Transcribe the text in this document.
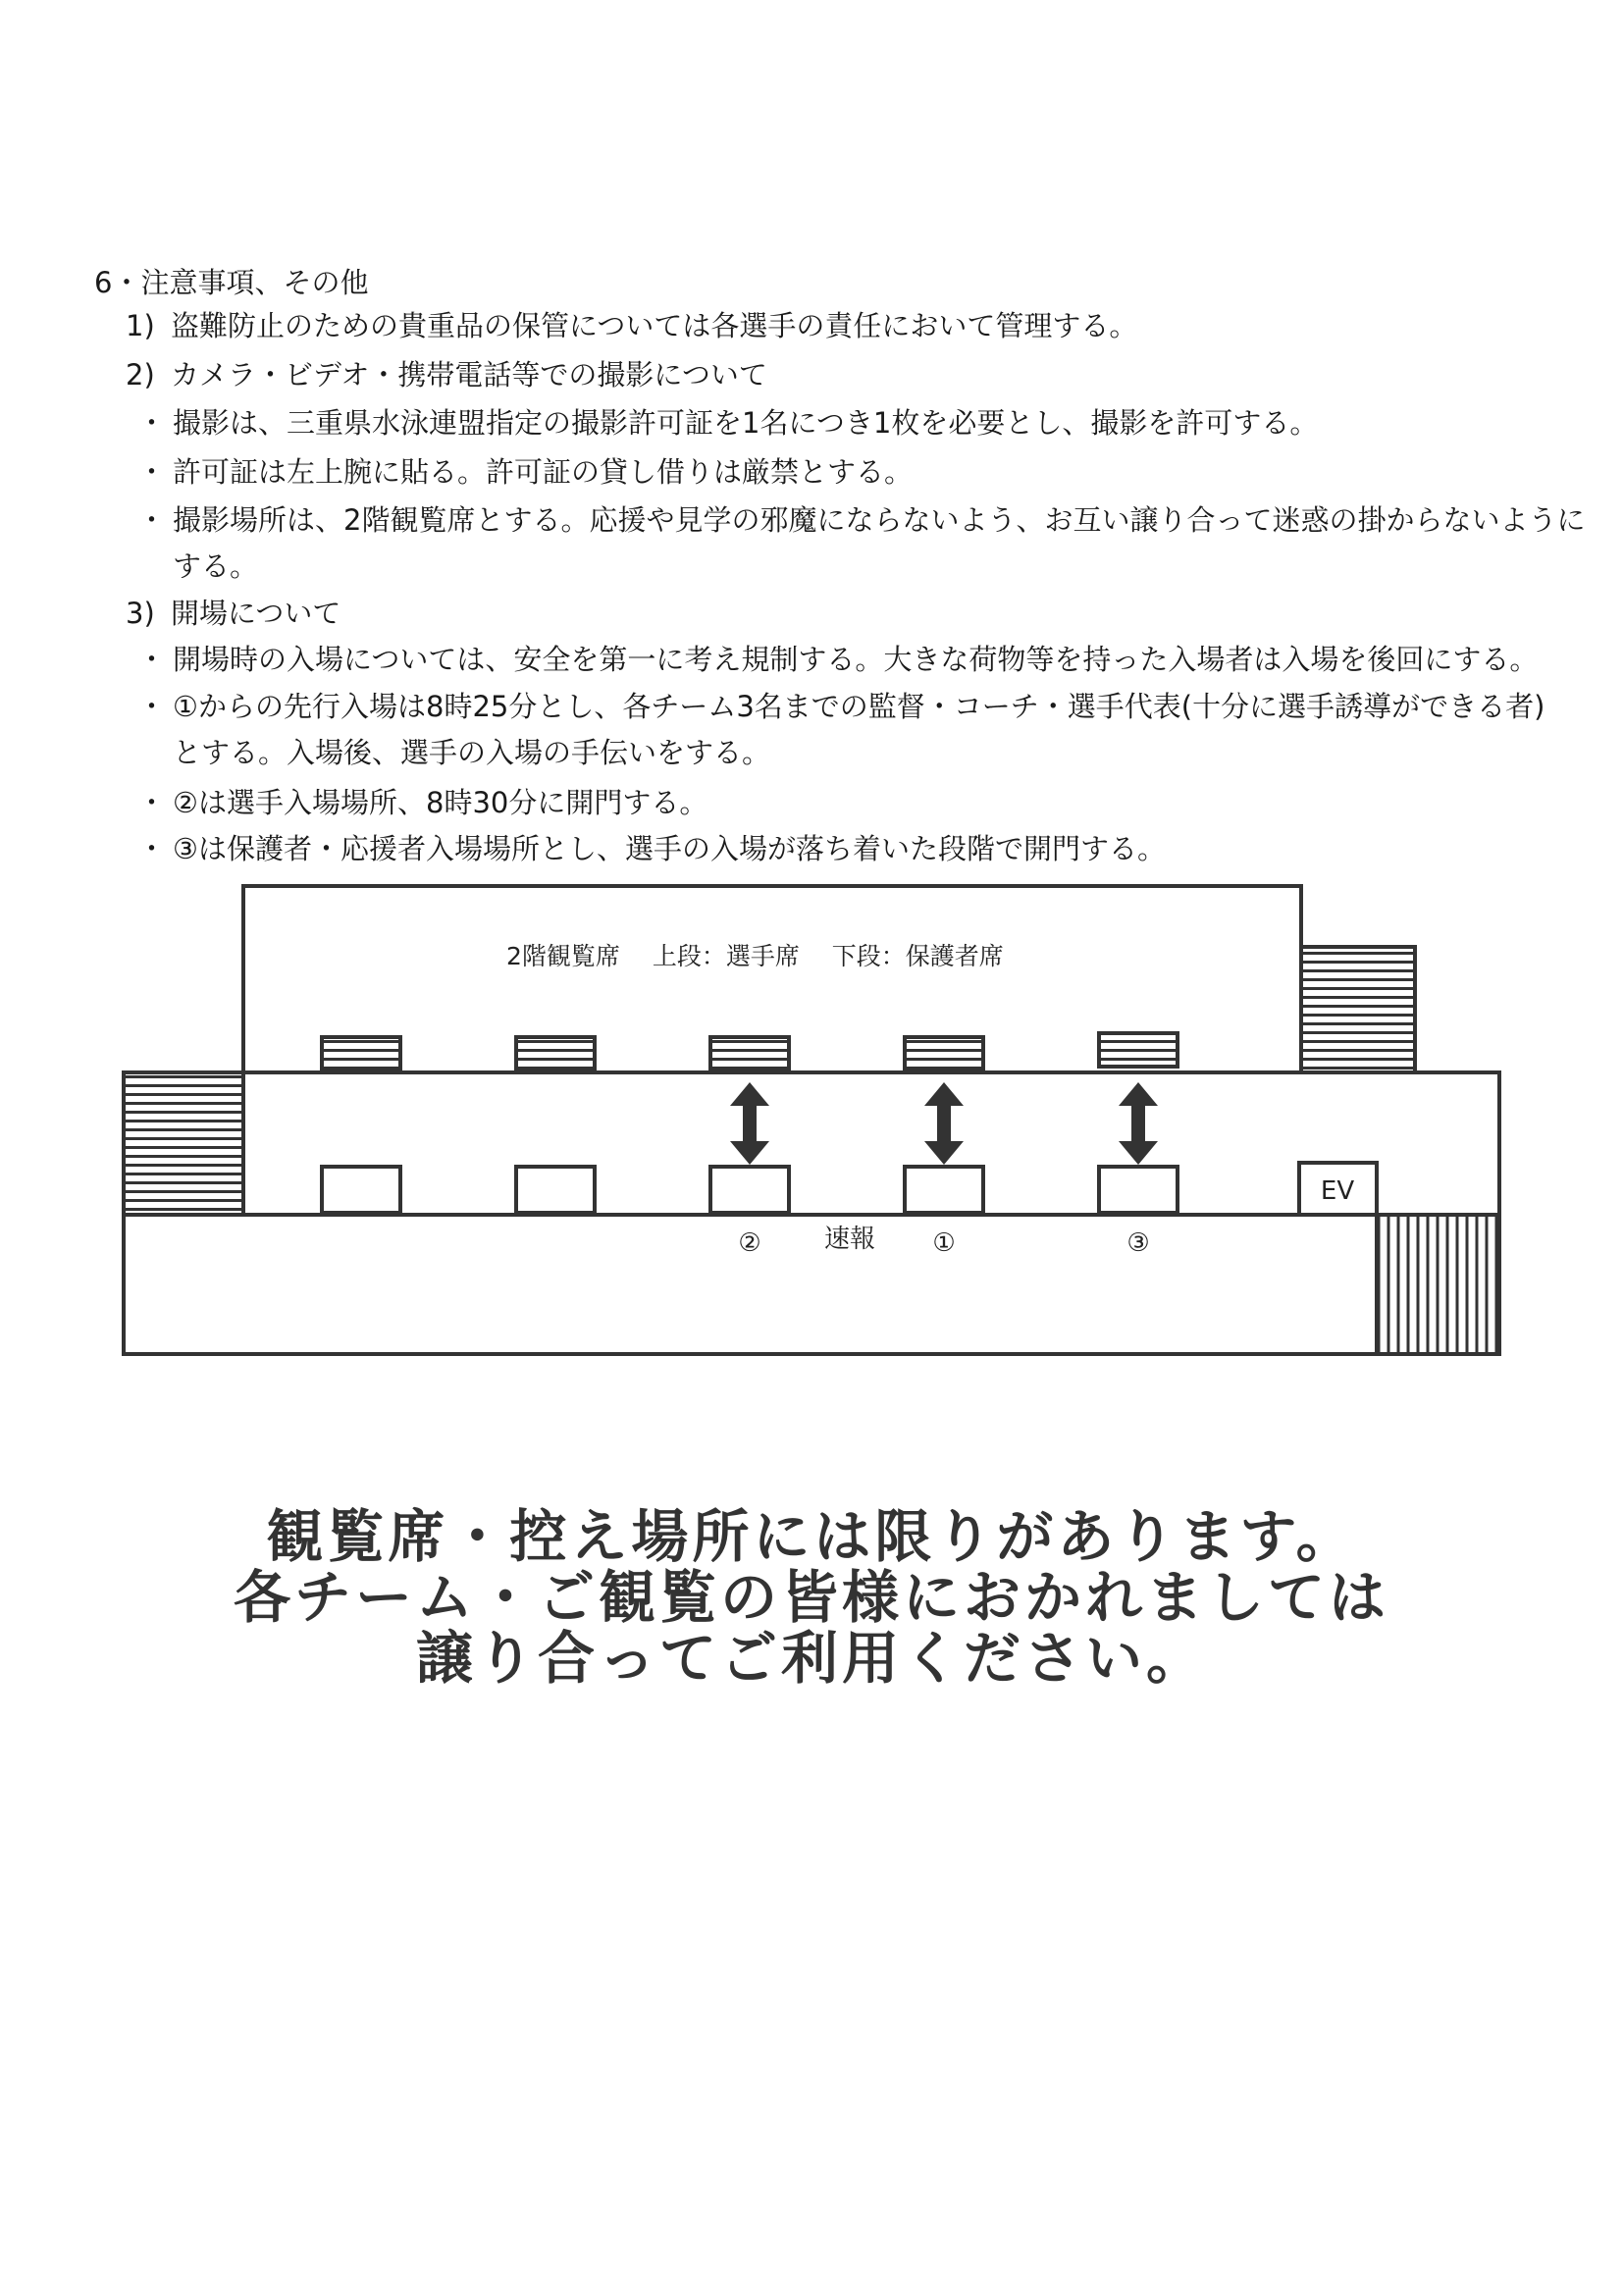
6・注意事項、その他
1) 盗難防止のための貴重品の保管については各選手の責任において管理する。
2) カメラ・ビデオ・携帯電話等での撮影について
・ 撮影は、三重県水泳連盟指定の撮影許可証を1名につき1枚を必要とし、撮影を許可する。
・ 許可証は左上腕に貼る。許可証の貸し借りは厳禁とする。
・ 撮影場所は、2階観覧席とする。応援や見学の邪魔にならないよう、お互い譲り合って迷惑の掛からないように
する。
3) 開場について
・ 開場時の入場については、安全を第一に考え規制する。大きな荷物等を持った入場者は入場を後回にする。
・ ①からの先行入場は8時25分とし、各チーム3名までの監督・コーチ・選手代表(十分に選手誘導ができる者)
とする。入場後、選手の入場の手伝いをする。
・ ②は選手入場場所、8時30分に開門する。
・ ③は保護者・応援者入場場所とし、選手の入場が落ち着いた段階で開門する。
2階観覧席　 上段：選手席　 下段：保護者席
EV
② 速報 ①	③
観覧席・控え場所には限りがあります。
各チーム・ご観覧の皆様におかれましては
譲り合ってご利用ください。
